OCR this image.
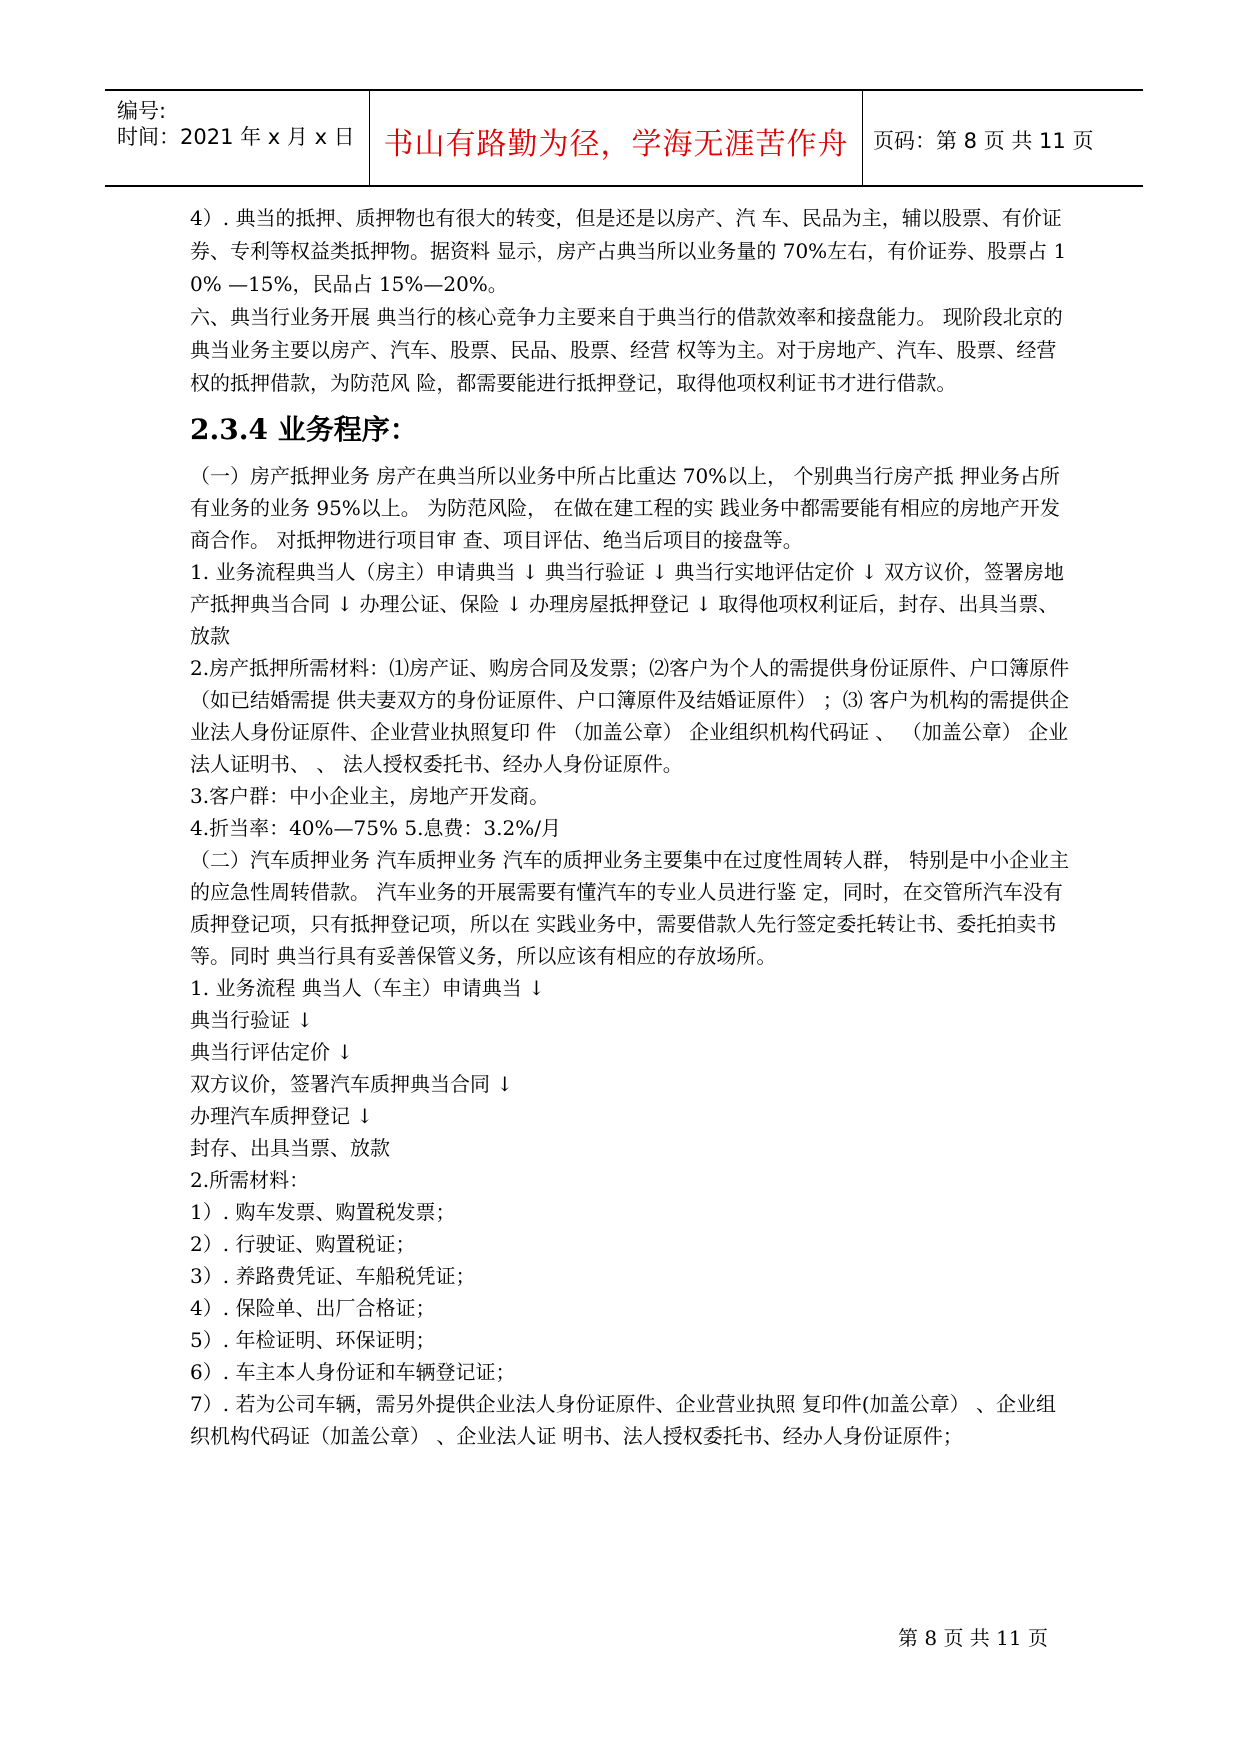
编号:
时间：2021 年 x 月 x 日 书山有路勤为径，学海无涯苦作舟	页码：第 8 页 共 11 页

4）. 典当的抵押、质押物也有很大的转变，但是还是以房产、汽 车、民品为主，辅以股票、有价证券、专利等权益类抵押物。据资料 显示，房产占典当所以业务量的 70%左右，有价证券、股票占 10% —15%，民品占 15%—20%。

六、典当行业务开展 典当行的核心竞争力主要来自于典当行的借款效率和接盘能力。 现阶段北京的典当业务主要以房产、汽车、股票、民品、股票、经营 权等为主。对于房地产、汽车、股票、经营权的抵押借款，为防范风 险，都需要能进行抵押登记，取得他项权利证书才进行借款。

2.3.4 业务程序：

（一）房产抵押业务 房产在典当所以业务中所占比重达 70%以上， 个别典当行房产抵 押业务占所有业务的业务 95%以上。 为防范风险， 在做在建工程的实 践业务中都需要能有相应的房地产开发商合作。 对抵押物进行项目审 查、项目评估、绝当后项目的接盘等。

1. 业务流程典当人（房主）申请典当 ↓ 典当行验证 ↓ 典当行实地评估定价 ↓ 双方议价，签署房地产抵押典当合同 ↓ 办理公证、保险 ↓ 办理房屋抵押登记 ↓ 取得他项权利证后，封存、出具当票、 放款

2.房产抵押所需材料：⑴房产证、购房合同及发票；⑵客户为个人的需提供身份证原件、户口簿原件（如已结婚需提 供夫妻双方的身份证原件、户口簿原件及结婚证原件） ；⑶ 客户为机构的需提供企业法人身份证原件、企业营业执照复印 件 （加盖公章） 企业组织机构代码证 、 （加盖公章） 企业法人证明书、 、 法人授权委托书、经办人身份证原件。

3.客户群：中小企业主，房地产开发商。

4.折当率：40%—75% 5.息费：3.2%/月

（二）汽车质押业务 汽车质押业务 汽车的质押业务主要集中在过度性周转人群， 特别是中小企业主 的应急性周转借款。 汽车业务的开展需要有懂汽车的专业人员进行鉴 定，同时，在交管所汽车没有质押登记项，只有抵押登记项，所以在 实践业务中，需要借款人先行签定委托转让书、委托拍卖书等。同时 典当行具有妥善保管义务，所以应该有相应的存放场所。

1. 业务流程 典当人（车主）申请典当 ↓

典当行验证 ↓

典当行评估定价 ↓

双方议价，签署汽车质押典当合同 ↓

办理汽车质押登记 ↓

封存、出具当票、放款

2.所需材料：

1）. 购车发票、购置税发票；

2）. 行驶证、购置税证；

3）. 养路费凭证、车船税凭证；

4）. 保险单、出厂合格证；

5）. 年检证明、环保证明；

6）. 车主本人身份证和车辆登记证；

7）. 若为公司车辆，需另外提供企业法人身份证原件、企业营业执照 复印件(加盖公章） 、企业组织机构代码证（加盖公章） 、企业法人证 明书、法人授权委托书、经办人身份证原件；

第 8 页 共 11 页
